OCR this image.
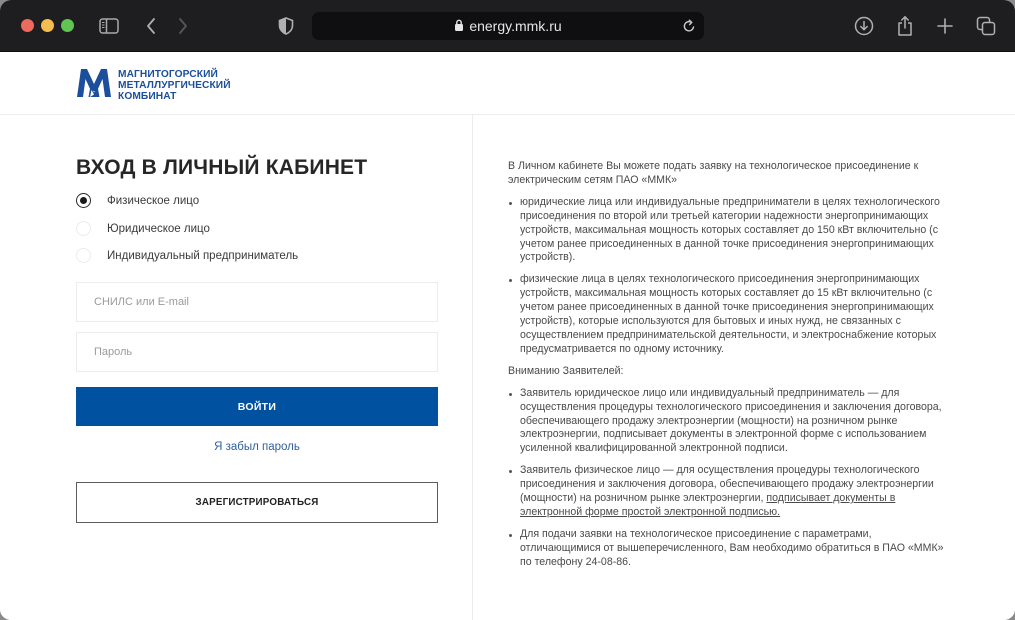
energy.mmk.ru
МАГНИТОГОРСКИЙ
МЕТАЛЛУРГИЧЕСКИЙ
КОМБИНАТ
ВХОД В ЛИЧНЫЙ КАБИНЕТ
Физическое лицо
Юридическое лицо
Индивидуальный предприниматель
СНИЛС или E-mail
ВОЙТИ
Я забыл пароль
ЗАРЕГИСТРИРОВАТЬСЯ

В Личном кабинете Вы можете подать заявку на технологическое присоединение к электрическим сетям ПАО «ММК»

юридические лица или индивидуальные предприниматели в целях технологического присоединения по второй или третьей категории надежности энергопринимающих устройств, максимальная мощность которых составляет до 150 кВт включительно (с учетом ранее присоединенных в данной точке присоединения энергопринимающих устройств).
физические лица в целях технологического присоединения энергопринимающих устройств, максимальная мощность которых составляет до 15 кВт включительно (с учетом ранее присоединенных в данной точке присоединения энергопринимающих устройств), которые используются для бытовых и иных нужд, не связанных с осуществлением предпринимательской деятельности, и электроснабжение которых предусматривается по одному источнику.

Вниманию Заявителей:

Заявитель юридическое лицо или индивидуальный предприниматель — для осуществления процедуры технологического присоединения и заключения договора, обеспечивающего продажу электроэнергии (мощности) на розничном рынке электроэнергии, подписывает документы в электронной форме с использованием усиленной квалифицированной электронной подписи.
Заявитель физическое лицо — для осуществления процедуры технологического присоединения и заключения договора, обеспечивающего продажу электроэнергии (мощности) на розничном рынке электроэнергии, подписывает документы в электронной форме простой электронной подписью.
Для подачи заявки на технологическое присоединение с параметрами, отличающимися от вышеперечисленного, Вам необходимо обратиться в ПАО «ММК» по телефону 24-08-86.
